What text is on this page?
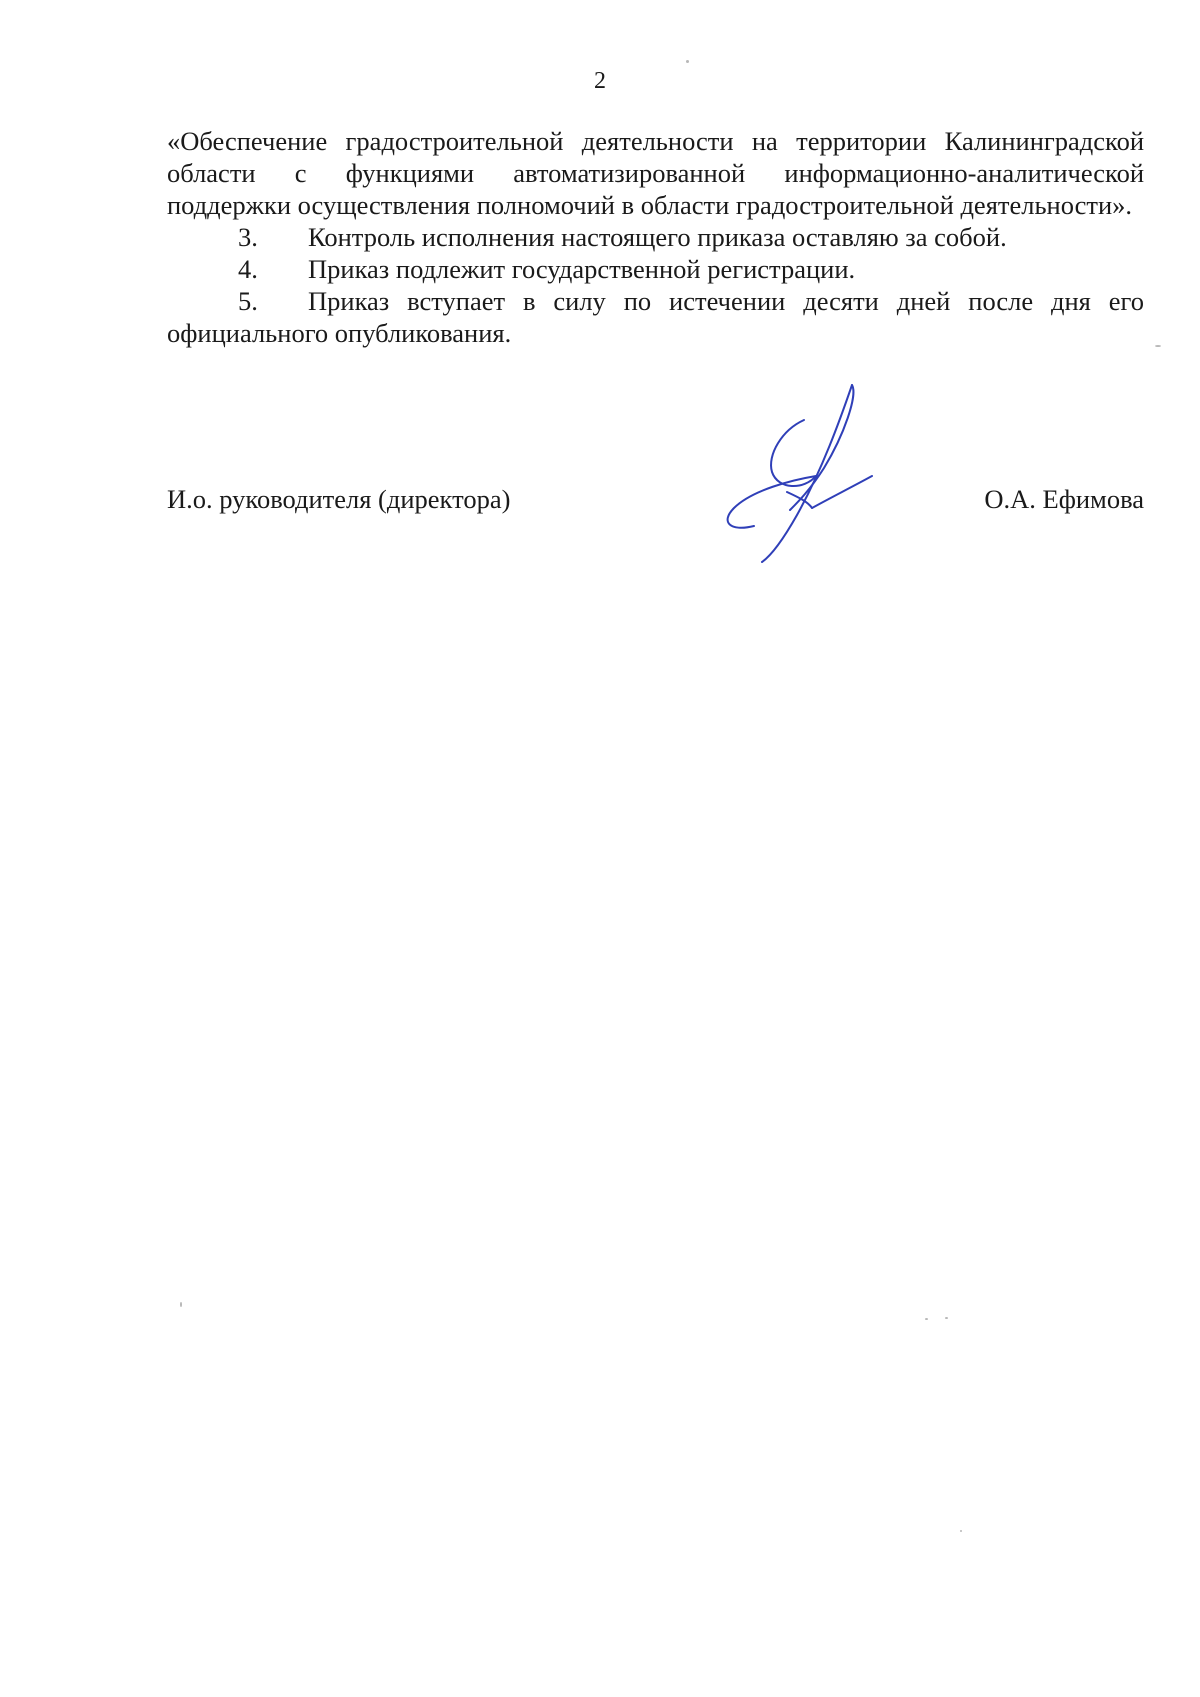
2

«Обеспечение градостроительной деятельности на территории Калининградской области с функциями автоматизированной информационно-аналитической поддержки осуществления полномочий в области градостроительной деятельности».

3.	Контроль исполнения настоящего приказа оставляю за собой.

4.	Приказ подлежит государственной регистрации.

5. Приказ вступает в силу по истечении десяти дней после дня его официального опубликования.

И.о. руководителя (директора)	О.А. Ефимова
